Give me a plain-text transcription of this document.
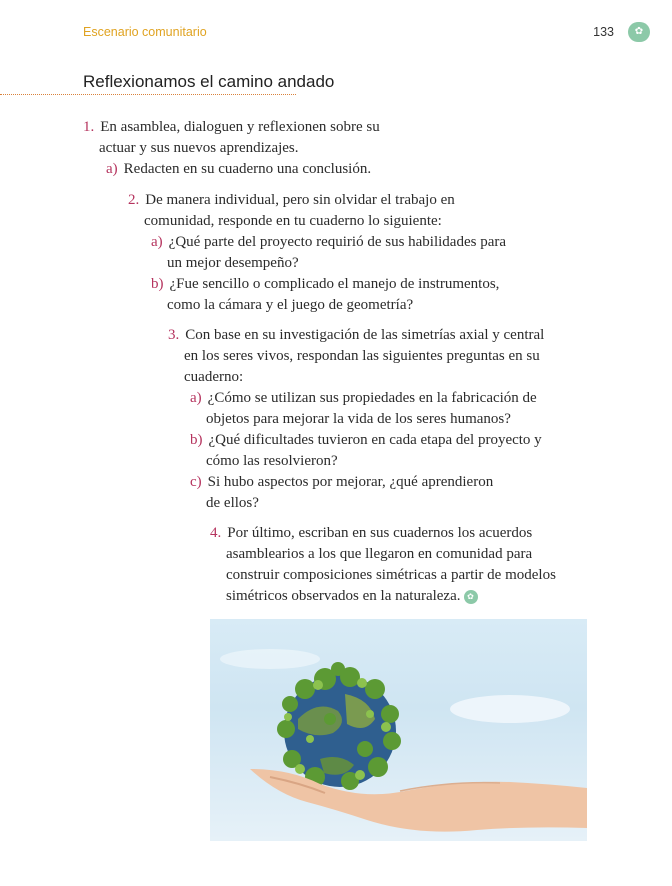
Escenario comunitario	133	✿
Reflexionamos el camino andado
1. En asamblea, dialoguen y reflexionen sobre su
actuar y sus nuevos aprendizajes.
a) Redacten en su cuaderno una conclusión.
2. De manera individual, pero sin olvidar el trabajo en
comunidad, responde en tu cuaderno lo siguiente:
a) ¿Qué parte del proyecto requirió de sus habilidades para
un mejor desempeño?
b) ¿Fue sencillo o complicado el manejo de instrumentos,
como la cámara y el juego de geometría?
3. Con base en su investigación de las simetrías axial y central
en los seres vivos, respondan las siguientes preguntas en su
cuaderno:
a) ¿Cómo se utilizan sus propiedades en la fabricación de
objetos para mejorar la vida de los seres humanos?
b) ¿Qué dificultades tuvieron en cada etapa del proyecto y
cómo las resolvieron?
c) Si hubo aspectos por mejorar, ¿qué aprendieron
de ellos?
4. Por último, escriban en sus cuadernos los acuerdos
asamblearios a los que llegaron en comunidad para
construir composiciones simétricas a partir de modelos
simétricos observados en la naturaleza. ✿
